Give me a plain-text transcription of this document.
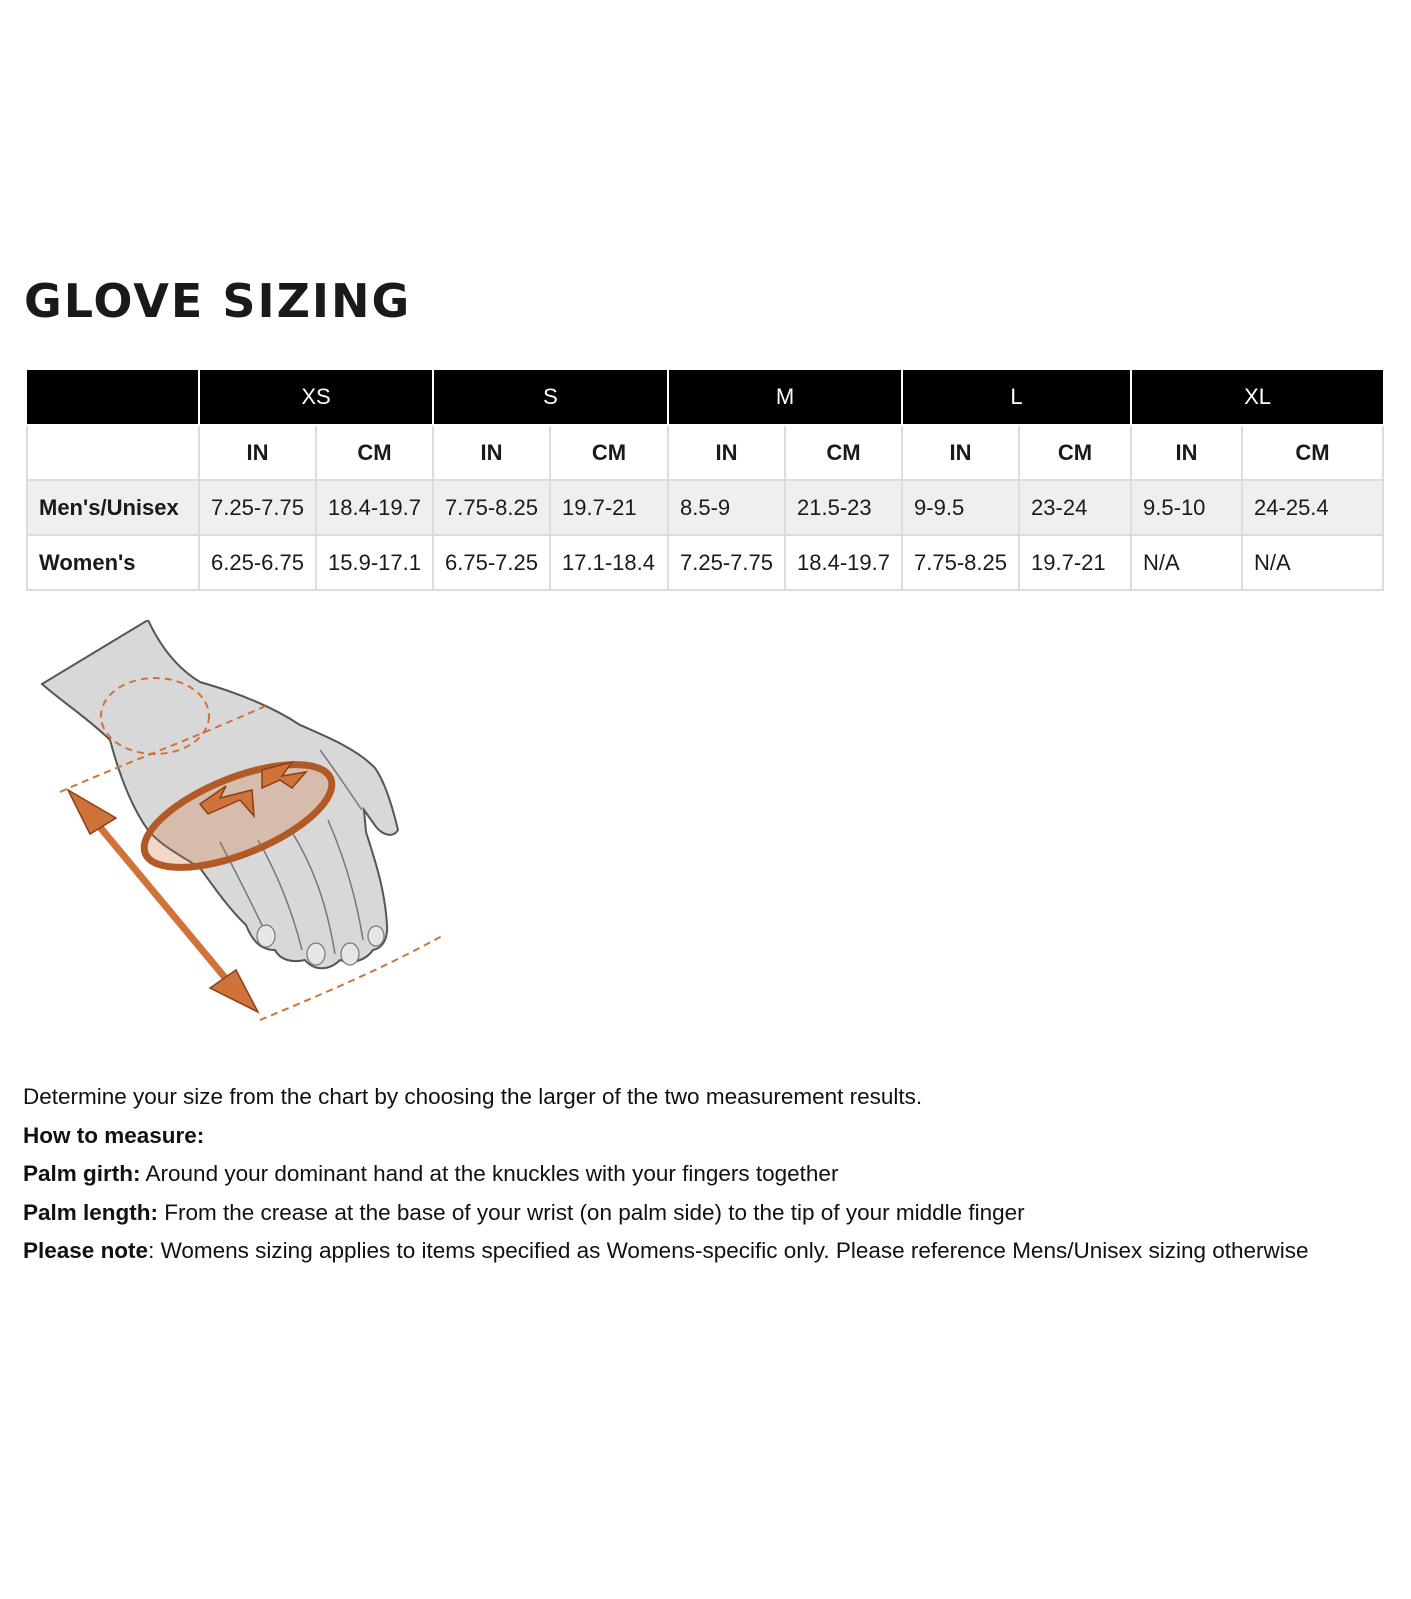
GLOVE SIZING
	XS		S		M		L		XL	
	IN	CM	IN	CM	IN	CM	IN	CM	IN	CM
Men's/Unisex	7.25-7.75	18.4-19.7	7.75-8.25	19.7-21	8.5-9	21.5-23	9-9.5	23-24	9.5-10	24-25.4
Women's	6.25-6.75	15.9-17.1	6.75-7.25	17.1-18.4	7.25-7.75	18.4-19.7	7.75-8.25	19.7-21	N/A	N/A

Determine your size from the chart by choosing the larger of the two measurement results.

How to measure:

Palm girth: Around your dominant hand at the knuckles with your fingers together

Palm length: From the crease at the base of your wrist (on palm side) to the tip of your middle finger

Please note: Womens sizing applies to items specified as Womens-specific only. Please reference Mens/Unisex sizing otherwise
